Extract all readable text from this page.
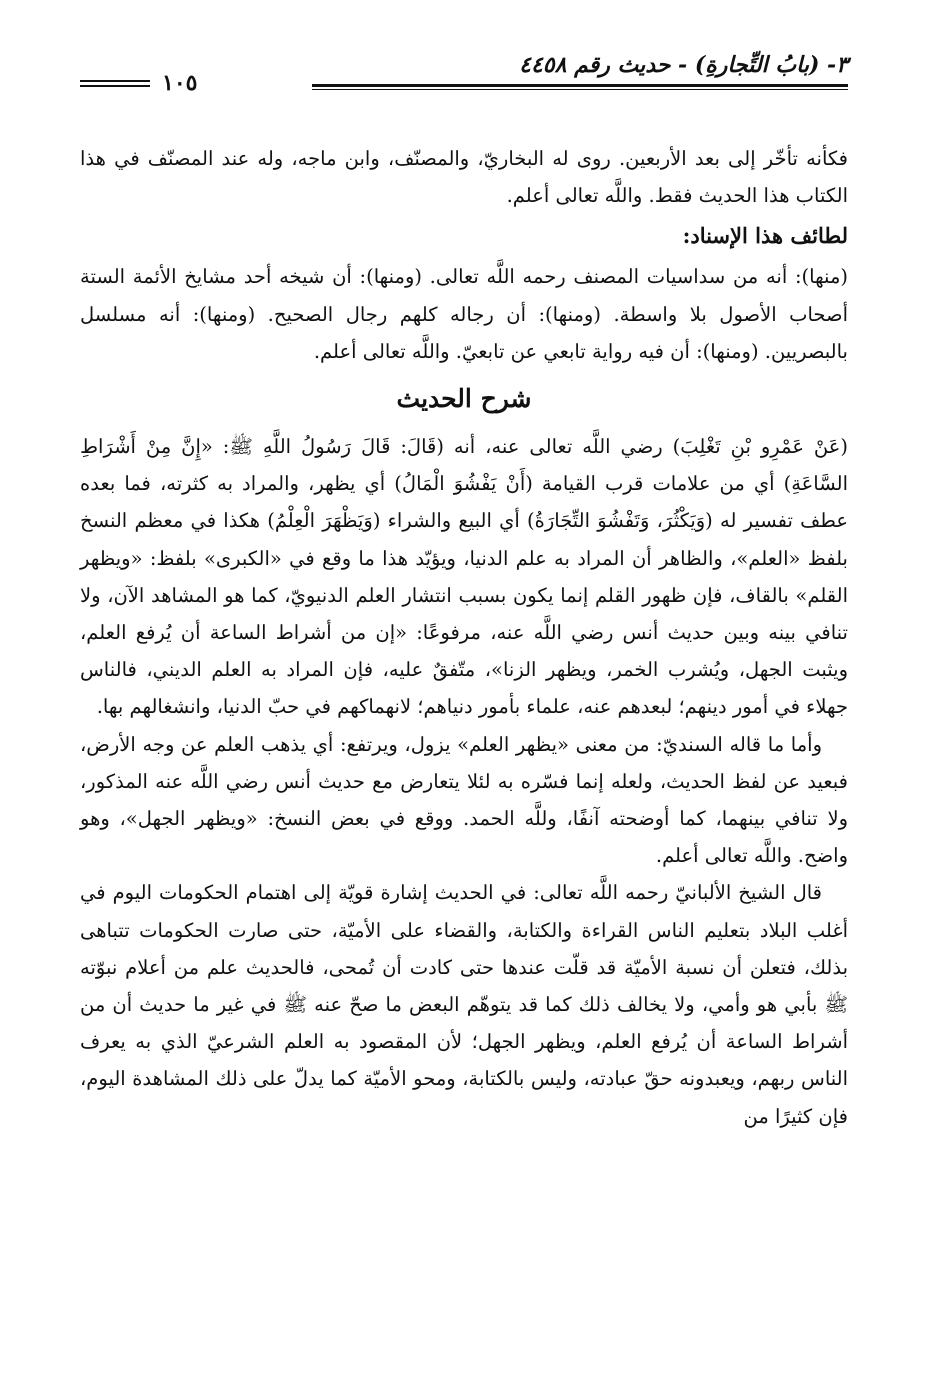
٣- (بابُ التِّجارةِ) - حديث رقم ٤٤٥٨
١٠٥

فكأنه تأخّر إلى بعد الأربعين. روى له البخاريّ، والمصنّف، وابن ماجه، وله عند المصنّف في هذا الكتاب هذا الحديث فقط. واللَّه تعالى أعلم.

لطائف هذا الإسناد:

(منها): أنه من سداسيات المصنف رحمه اللَّه تعالى. (ومنها): أن شيخه أحد مشايخ الأئمة الستة أصحاب الأصول بلا واسطة. (ومنها): أن رجاله كلهم رجال الصحيح. (ومنها): أنه مسلسل بالبصريين. (ومنها): أن فيه رواية تابعي عن تابعيّ. واللَّه تعالى أعلم.

شرح الحديث

(عَنْ عَمْرِو بْنِ تَغْلِبَ) رضي اللَّه تعالى عنه، أنه (قَالَ: قَالَ رَسُولُ اللَّهِ ﷺ: «إِنَّ مِنْ أَشْرَاطِ السَّاعَةِ) أي من علامات قرب القيامة (أَنْ يَفْشُوَ الْمَالُ) أي يظهر، والمراد به كثرته، فما بعده عطف تفسير له (وَيَكْثُرَ، وَتَفْشُوَ التِّجَارَةُ) أي البيع والشراء (وَيَظْهَرَ الْعِلْمُ) هكذا في معظم النسخ بلفظ «العلم»، والظاهر أن المراد به علم الدنيا، ويؤيّد هذا ما وقع في «الكبرى» بلفظ: «ويظهر القلم» بالقاف، فإن ظهور القلم إنما يكون بسبب انتشار العلم الدنيويّ، كما هو المشاهد الآن، ولا تنافي بينه وبين حديث أنس رضي اللَّه عنه، مرفوعًا: «إن من أشراط الساعة أن يُرفع العلم، ويثبت الجهل، ويُشرب الخمر، ويظهر الزنا»، متّفقٌ عليه، فإن المراد به العلم الديني، فالناس جهلاء في أمور دينهم؛ لبعدهم عنه، علماء بأمور دنياهم؛ لانهماكهم في حبّ الدنيا، وانشغالهم بها.

وأما ما قاله السنديّ: من معنى «يظهر العلم» يزول، ويرتفع: أي يذهب العلم عن وجه الأرض، فبعيد عن لفظ الحديث، ولعله إنما فسّره به لئلا يتعارض مع حديث أنس رضي اللَّه عنه المذكور، ولا تنافي بينهما، كما أوضحته آنفًا، وللَّه الحمد. ووقع في بعض النسخ: «ويظهر الجهل»، وهو واضح. واللَّه تعالى أعلم.

قال الشيخ الألبانيّ رحمه اللَّه تعالى: في الحديث إشارة قويّة إلى اهتمام الحكومات اليوم في أغلب البلاد بتعليم الناس القراءة والكتابة، والقضاء على الأميّة، حتى صارت الحكومات تتباهى بذلك، فتعلن أن نسبة الأميّة قد قلّت عندها حتى كادت أن تُمحى، فالحديث علم من أعلام نبوّته ﷺ بأبي هو وأمي، ولا يخالف ذلك كما قد يتوهّم البعض ما صحّ عنه ﷺ في غير ما حديث أن من أشراط الساعة أن يُرفع العلم، ويظهر الجهل؛ لأن المقصود به العلم الشرعيّ الذي به يعرف الناس ربهم، ويعبدونه حقّ عبادته، وليس بالكتابة، ومحو الأميّة كما يدلّ على ذلك المشاهدة اليوم، فإن كثيرًا من
